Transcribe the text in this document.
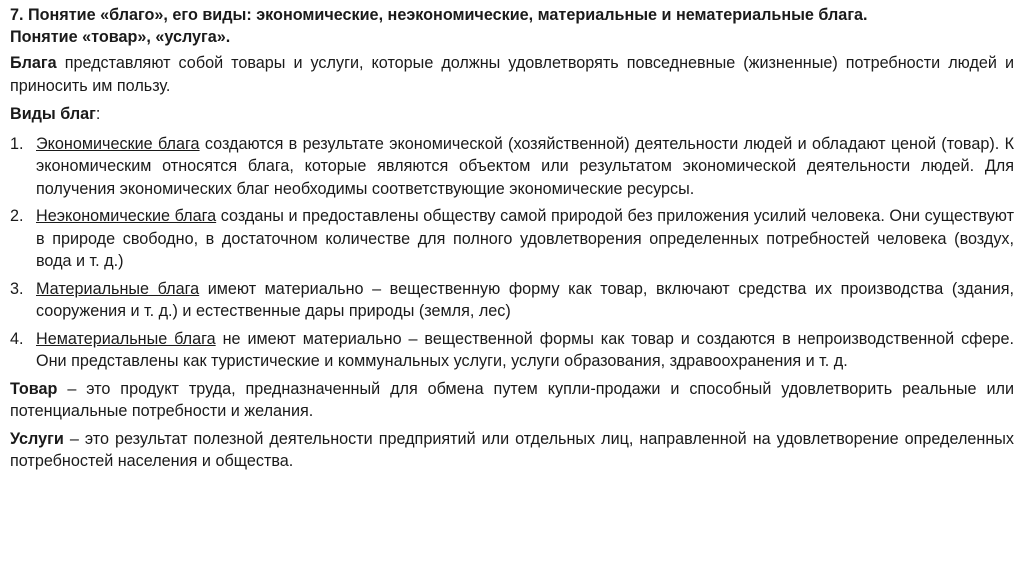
7. Понятие «благо», его виды: экономические, неэкономические, материальные и нематериальные блага.
Понятие «товар», «услуга».

Блага представляют собой товары и услуги, которые должны удовлетворять повседневные (жизненные) потребности людей и приносить им пользу.

Виды благ:

1. Экономические блага создаются в результате экономической (хозяйственной) деятельности людей и обладают ценой (товар). К экономическим относятся блага, которые являются объектом или результатом экономической деятельности людей. Для получения экономических благ необходимы соответствующие экономические ресурсы.
2. Неэкономические блага созданы и предоставлены обществу самой природой без приложения усилий человека. Они существуют в природе свободно, в достаточном количестве для полного удовлетворения определенных потребностей человека (воздух, вода и т. д.)
3. Материальные блага имеют материально – вещественную форму как товар, включают средства их производства (здания, сооружения и т. д.) и естественные дары природы (земля, лес)
4. Нематериальные блага не имеют материально – вещественной формы как товар и создаются в непроизводственной сфере. Они представлены как туристические и коммунальных услуги, услуги образования, здравоохранения и т. д.

Товар – это продукт труда, предназначенный для обмена путем купли-продажи и способный удовлетворить реальные или потенциальные потребности и желания.

Услуги – это результат полезной деятельности предприятий или отдельных лиц, направленной на удовлетворение определенных потребностей населения и общества.
